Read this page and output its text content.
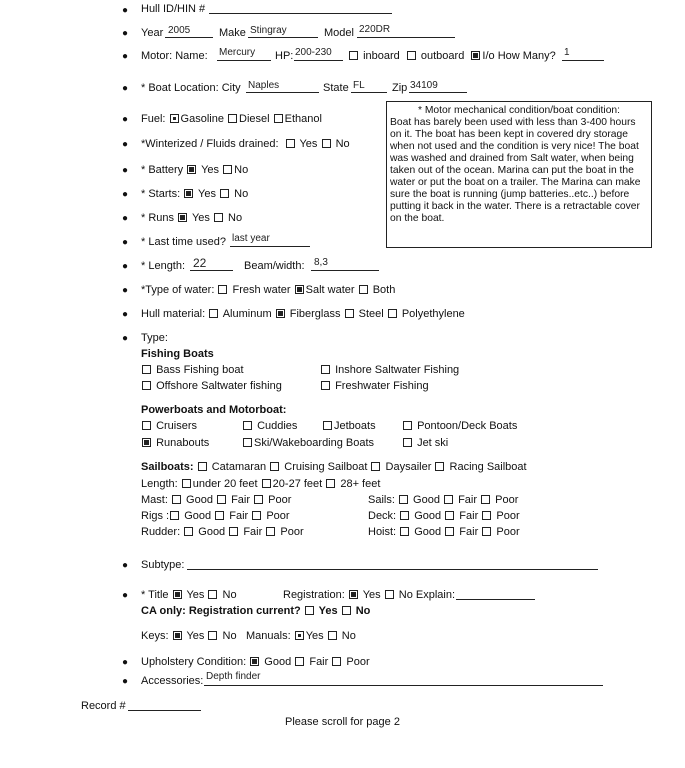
● Hull ID/HIN #
● Year 2005	Make Stingray	Model 220DR
● Motor: Name: Mercury HP: 200-230	inboard outboard I/o How Many? 1
● * Boat Location: City Naples	State FL Zip 34109
● Fuel: Gasoline Diesel Ethanol
● *Winterized / Fluids drained: Yes No
● * Battery Yes No
● * Starts: Yes No
● * Runs Yes No
● * Last time used? last year
● * Length: 22	Beam/width: 8,3
● *Type of water: Fresh water Salt water Both
● Hull material: Aluminum Fiberglass Steel Polyethylene
* Motor mechanical condition/boat condition:
Boat has barely been used with less than 3-400 hours on it. The boat has been kept in covered dry storage when not used and the condition is very nice! The boat was washed and drained from Salt water, when being taken out of the ocean. Marina can put the boat in the water or put the boat on a trailer. The Marina can make sure the boat is running (jump batteries..etc..) before putting it back in the water. There is a retractable cover on the boat.
● Type:
Fishing Boats
Bass Fishing boat	Inshore Saltwater Fishing
Offshore Saltwater fishing	Freshwater Fishing
Powerboats and Motorboat:
Cruisers	Cuddies	Jetboats	Pontoon/Deck Boats
Runabouts	Ski/Wakeboarding Boats	Jet ski
Sailboats: Catamaran Cruising Sailboat Daysailer Racing Sailboat
Length: under 20 feet 20-27 feet 28+ feet
Mast: Good Fair Poor	Sails: Good Fair Poor
Rigs : Good Fair Poor	Deck: Good Fair Poor
Rudder: Good Fair Poor	Hoist: Good Fair Poor
● Subtype:
● * Title Yes No	Registration: Yes No Explain:
CA only: Registration current? Yes No
Keys: Yes No Manuals: Yes No
● Upholstery Condition: Good Fair Poor
● Accessories: Depth finder
Record #
Please scroll for page 2
